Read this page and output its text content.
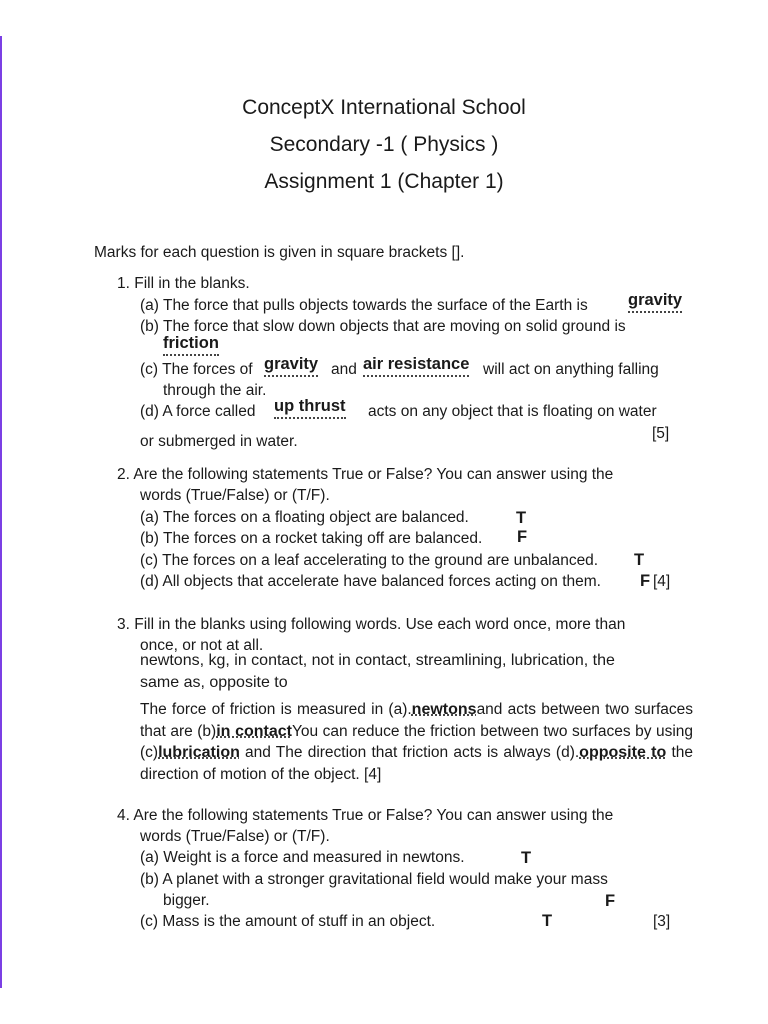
ConceptX International School
Secondary -1 ( Physics )
Assignment 1 (Chapter 1)
Marks for each question is given in square brackets [].
1. Fill in the blanks.
(a) The force that pulls objects towards the surface of the Earth is gravity
(b) The force that slow down objects that are moving on solid ground is
friction
(c) The forces of gravity and air resistance will act on anything falling
through the air.
(d) A force called up thrust acts on any object that is floating on water
[5]
or submerged in water.
2. Are the following statements True or False? You can answer using the
words (True/False) or (T/F).
(a) The forces on a floating object are balanced.	T
(b) The forces on a rocket taking off are balanced. F
(c) The forces on a leaf accelerating to the ground are unbalanced. T
(d) All objects that accelerate have balanced forces acting on them. F [4]
3. Fill in the blanks using following words. Use each word once, more than
once, or not at all.
newtons, kg, in contact, not in contact, streamlining, lubrication, the
same as, opposite to

The force of friction is measured in (a).newtonsand acts between two surfaces that are (b)in contactYou can reduce the friction between two surfaces by using (c)lubrication and The direction that friction acts is always (d).opposite to the direction of motion of the object. [4]

4. Are the following statements True or False? You can answer using the
words (True/False) or (T/F).
(a) Weight is a force and measured in newtons.	T
(b) A planet with a stronger gravitational field would make your mass
bigger.	F
(c) Mass is the amount of stuff in an object.	T	[3]
